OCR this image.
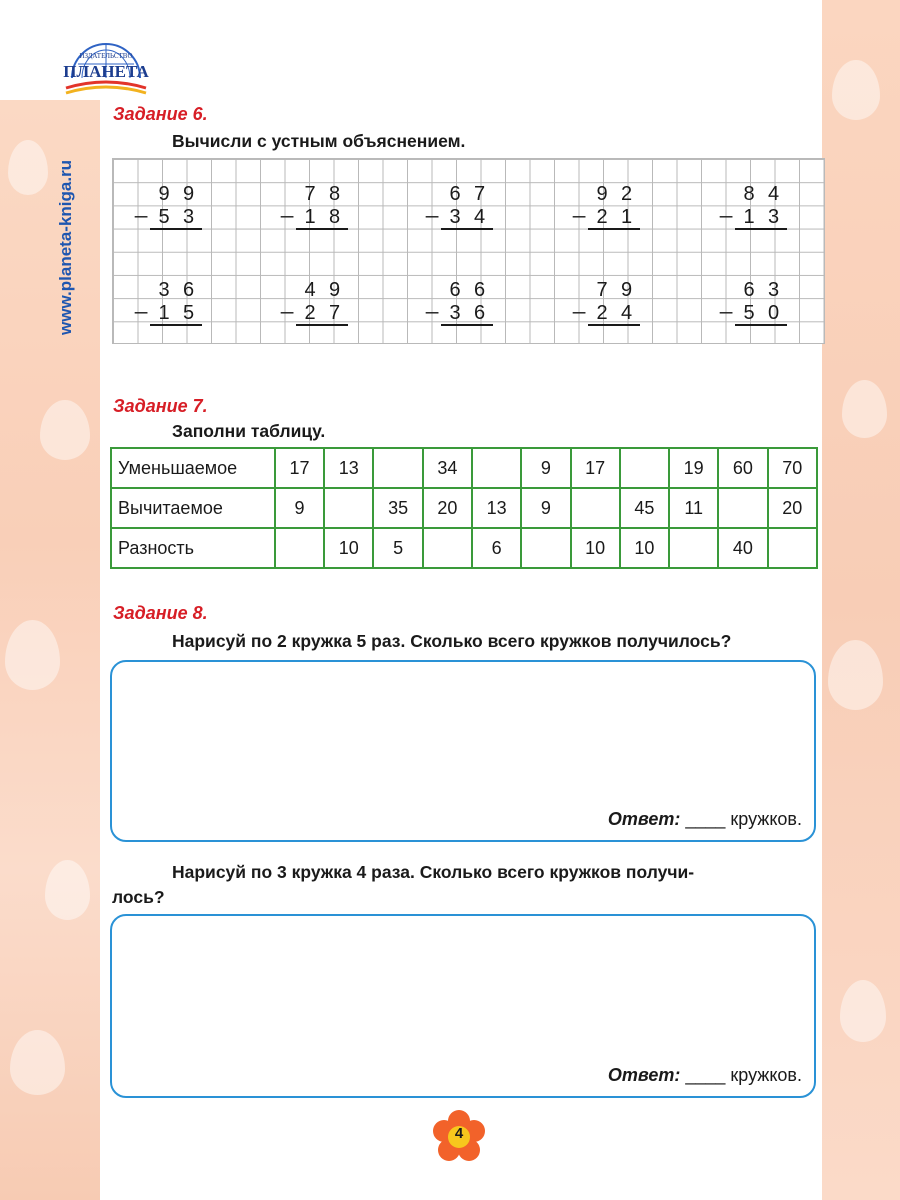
ИЗДАТЕЛЬСТВО
ПЛАНЕТА
www.planeta-kniga.ru
Задание 6.
Вычисли с устным объяснением.
_ 9 9
5 3	_ 7 8
1 8	_ 6 7
3 4	_ 9 2
2 1	_ 8 4
1 3
_ 3 6
1 5	_ 4 9
2 7	_ 6 6
3 6	_ 7 9
2 4	_ 6 3
5 0
Задание 7.
Заполни таблицу.
Уменьшаемое	17	13		34		9	17		19	60	70
Вычитаемое	9		35	20	13	9		45	11		20
Разность		10	5		6		10	10		40	
Задание 8.
Нарисуй по 2 кружка 5 раз. Сколько всего кружков получилось?
Ответ: ____ кружков.
Нарисуй по 3 кружка 4 раза. Сколько всего кружков получи-
лось?
Ответ: ____ кружков.
4
